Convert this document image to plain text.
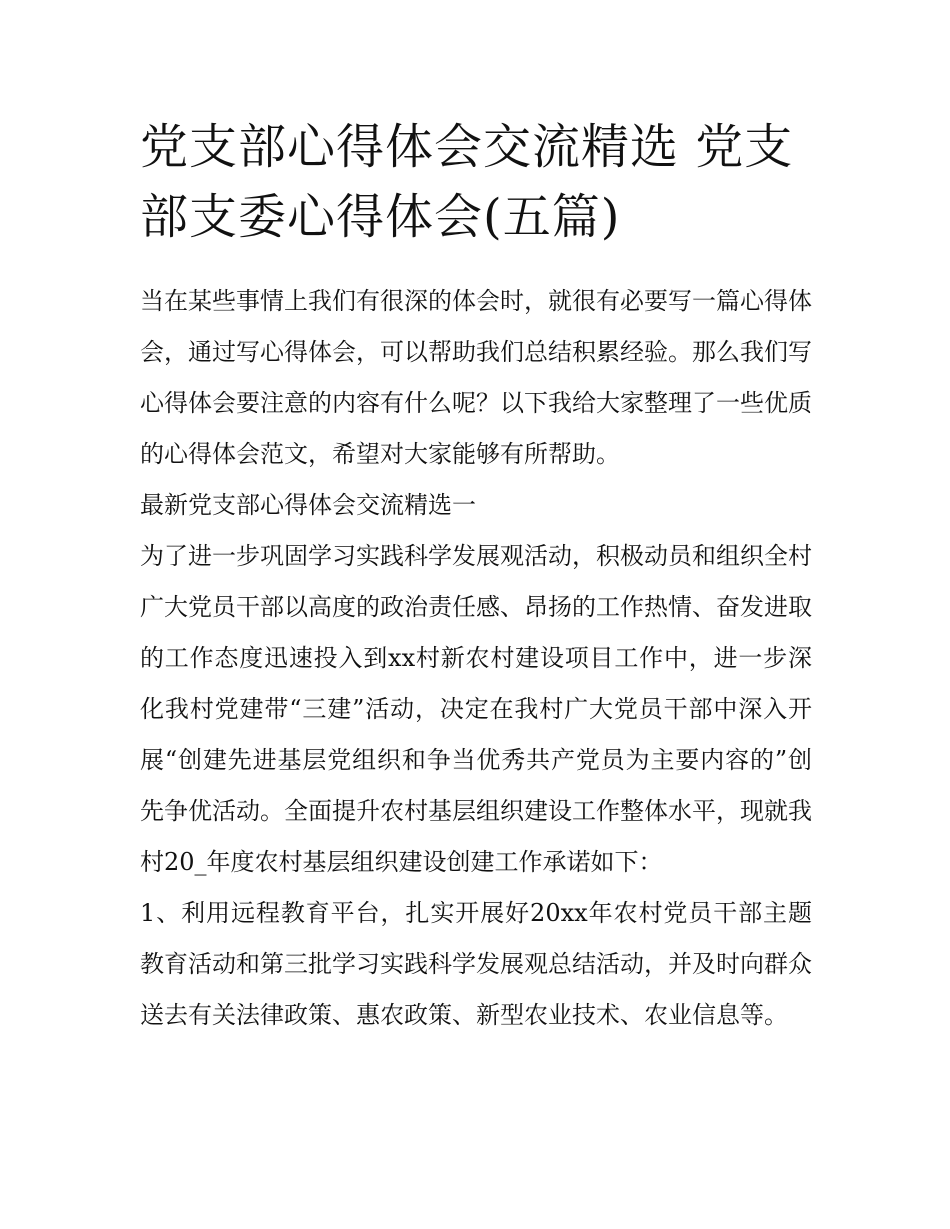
党支部心得体会交流精选 党支部支委心得体会(五篇)

当在某些事情上我们有很深的体会时，就很有必要写一篇心得体会，通过写心得体会，可以帮助我们总结积累经验。那么我们写心得体会要注意的内容有什么呢？以下我给大家整理了一些优质的心得体会范文，希望对大家能够有所帮助。

最新党支部心得体会交流精选一

为了进一步巩固学习实践科学发展观活动，积极动员和组织全村广大党员干部以高度的政治责任感、昂扬的工作热情、奋发进取的工作态度迅速投入到xx村新农村建设项目工作中，进一步深化我村党建带“三建”活动，决定在我村广大党员干部中深入开展“创建先进基层党组织和争当优秀共产党员为主要内容的”创先争优活动。全面提升农村基层组织建设工作整体水平，现就我村20_年度农村基层组织建设创建工作承诺如下：

1、利用远程教育平台，扎实开展好20xx年农村党员干部主题教育活动和第三批学习实践科学发展观总结活动，并及时向群众送去有关法律政策、惠农政策、新型农业技术、农业信息等。
